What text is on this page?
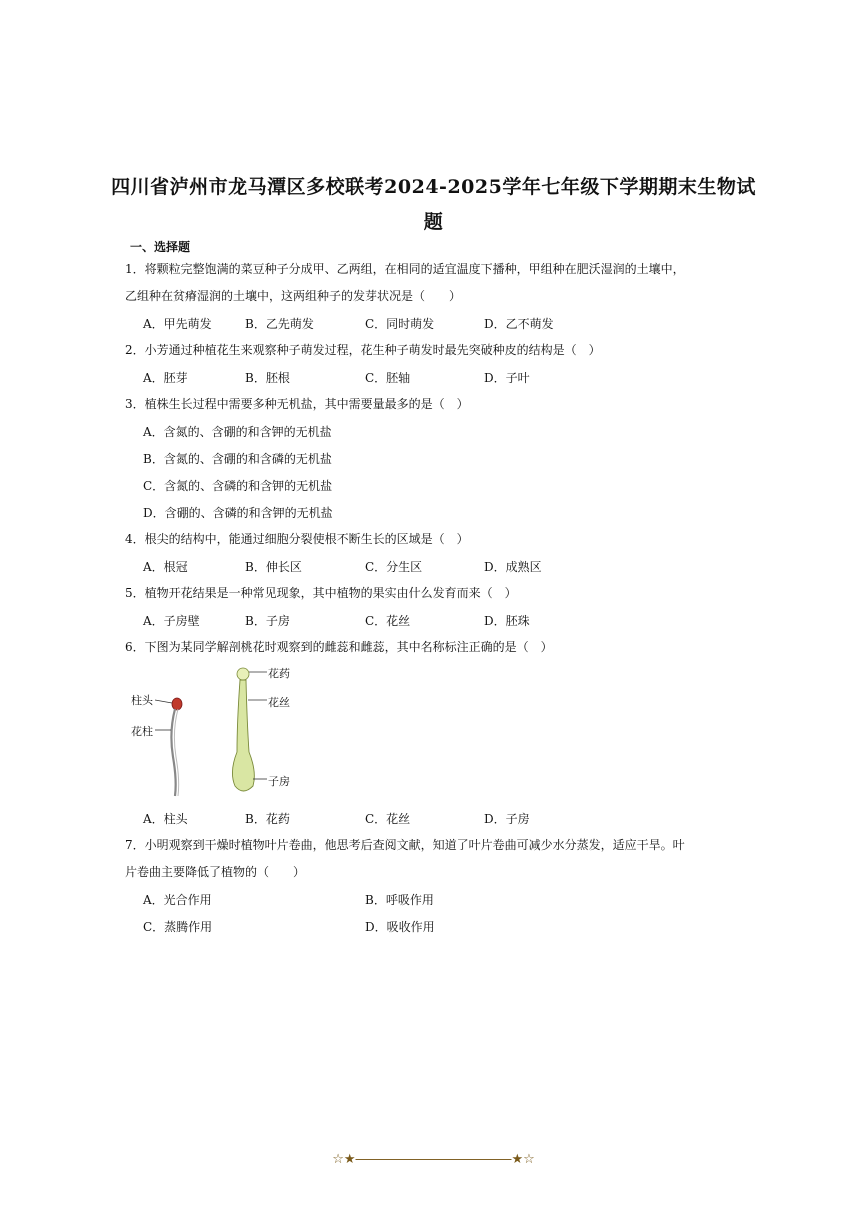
四川省泸州市龙马潭区多校联考2024-2025学年七年级下学期期末生物试
题
一、选择题
1．将颗粒完整饱满的菜豆种子分成甲、乙两组，在相同的适宜温度下播种，甲组种在肥沃湿润的土壤中，
乙组种在贫瘠湿润的土壤中，这两组种子的发芽状况是（　　）
A．甲先萌发	B．乙先萌发	C．同时萌发	D．乙不萌发
2．小芳通过种植花生来观察种子萌发过程，花生种子萌发时最先突破种皮的结构是（　）
A．胚芽	B．胚根	C．胚轴	D．子叶
3．植株生长过程中需要多种无机盐，其中需要量最多的是（　）
A．含氮的、含硼的和含钾的无机盐
B．含氮的、含硼的和含磷的无机盐
C．含氮的、含磷的和含钾的无机盐
D．含硼的、含磷的和含钾的无机盐
4．根尖的结构中，能通过细胞分裂使根不断生长的区域是（　）
A．根冠	B．伸长区	C．分生区	D．成熟区
5．植物开花结果是一种常见现象，其中植物的果实由什么发育而来（　）
A．子房壁	B．子房	C．花丝	D．胚珠
6．下图为某同学解剖桃花时观察到的雌蕊和雌蕊，其中名称标注正确的是（　）
柱头
花柱
花药
花丝
子房
A．柱头	B．花药	C．花丝	D．子房
7．小明观察到干燥时植物叶片卷曲，他思考后查阅文献，知道了叶片卷曲可减少水分蒸发，适应干旱。叶
片卷曲主要降低了植物的（　　）
A．光合作用	B．呼吸作用
C．蒸腾作用	D．吸收作用
☆★――――――――――――★☆
